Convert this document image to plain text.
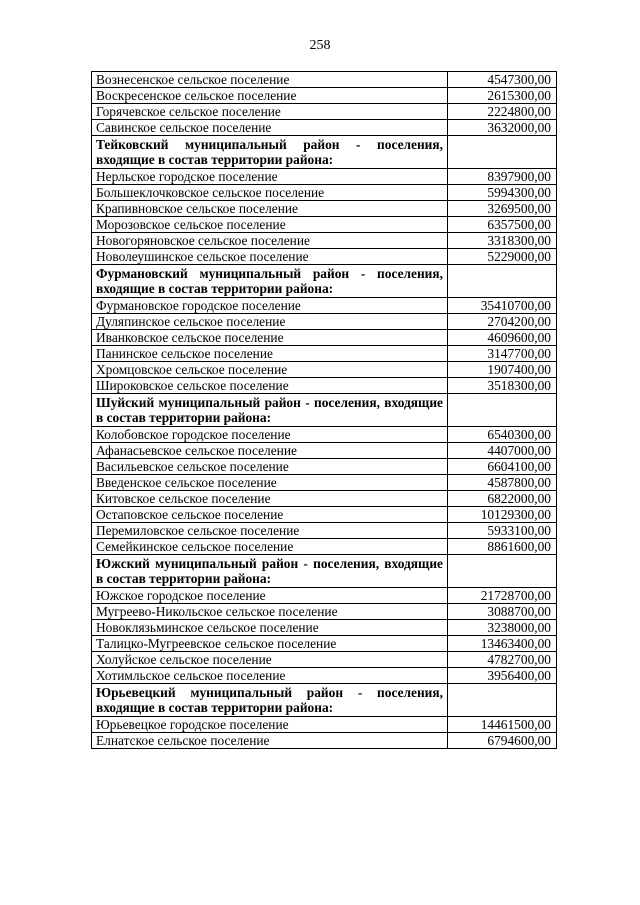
258
Вознесенское сельское поселение	4547300,00
Воскресенское сельское поселение	2615300,00
Горячевское сельское поселение	2224800,00
Савинское сельское поселение	3632000,00
Тейковский муниципальный район - поселения, входящие в состав территории района:	
Нерльское городское поселение	8397900,00
Большеклочковское сельское поселение	5994300,00
Крапивновское сельское поселение	3269500,00
Морозовское сельское поселение	6357500,00
Новогоряновское сельское поселение	3318300,00
Новолеушинское сельское поселение	5229000,00
Фурмановский муниципальный район - поселения, входящие в состав территории района:	
Фурмановское городское поселение	35410700,00
Дуляпинское сельское поселение	2704200,00
Иванковское сельское поселение	4609600,00
Панинское сельское поселение	3147700,00
Хромцовское сельское поселение	1907400,00
Широковское сельское поселение	3518300,00
Шуйский муниципальный район - поселения, входящие в состав территории района:	
Колобовское городское поселение	6540300,00
Афанасьевское сельское поселение	4407000,00
Васильевское сельское поселение	6604100,00
Введенское сельское поселение	4587800,00
Китовское сельское поселение	6822000,00
Остаповское сельское поселение	10129300,00
Перемиловское сельское поселение	5933100,00
Семейкинское сельское поселение	8861600,00
Южский муниципальный район - поселения, входящие в состав территории района:	
Южское городское поселение	21728700,00
Мугреево-Никольское сельское поселение	3088700,00
Новоклязьминское сельское поселение	3238000,00
Талицко-Мугреевское сельское поселение	13463400,00
Холуйское сельское поселение	4782700,00
Хотимльское сельское поселение	3956400,00
Юрьевецкий муниципальный район - поселения, входящие в состав территории района:	
Юрьевецкое городское поселение	14461500,00
Елнатское сельское поселение	6794600,00
